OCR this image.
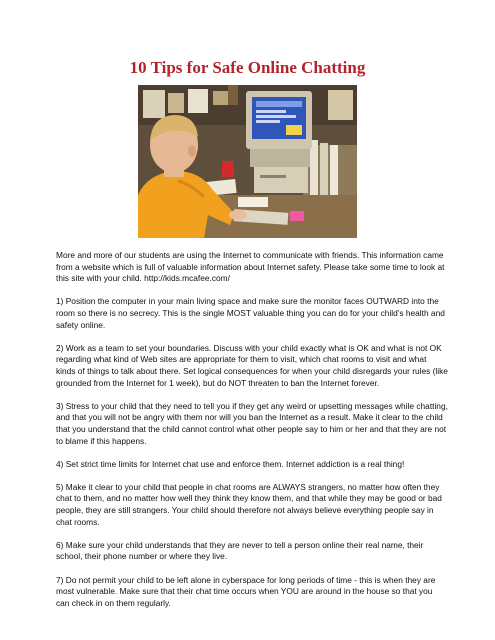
10 Tips for Safe Online Chatting

More and more of our students are using the Internet to communicate with friends. This information came from a website which is full of valuable information about Internet safety. Please take some time to look at this site with your child. http://kids.mcafee.com/

1) Position the computer in your main living space and make sure the monitor faces OUTWARD into the room so there is no secrecy. This is the single MOST valuable thing you can do for your child's health and safety online.

2) Work as a team to set your boundaries. Discuss with your child exactly what is OK and what is not OK regarding what kind of Web sites are appropriate for them to visit, which chat rooms to visit and what kinds of things to talk about there. Set logical consequences for when your child disregards your rules (like grounded from the Internet for 1 week), but do NOT threaten to ban the Internet forever.

3) Stress to your child that they need to tell you if they get any weird or upsetting messages while chatting, and that you will not be angry with them nor will you ban the Internet as a result. Make it clear to the child that you understand that the child cannot control what other people say to him or her and that they are not to blame if this happens.

4) Set strict time limits for Internet chat use and enforce them. Internet addiction is a real thing!

5) Make it clear to your child that people in chat rooms are ALWAYS strangers, no matter how often they chat to them, and no matter how well they think they know them, and that while they may be good or bad people, they are still strangers. Your child should therefore not always believe everything people say in chat rooms.

6) Make sure your child understands that they are never to tell a person online their real name, their school, their phone number or where they live.

7) Do not permit your child to be left alone in cyberspace for long periods of time - this is when they are most vulnerable. Make sure that their chat time occurs when YOU are around in the house so that you can check in on them regularly.
